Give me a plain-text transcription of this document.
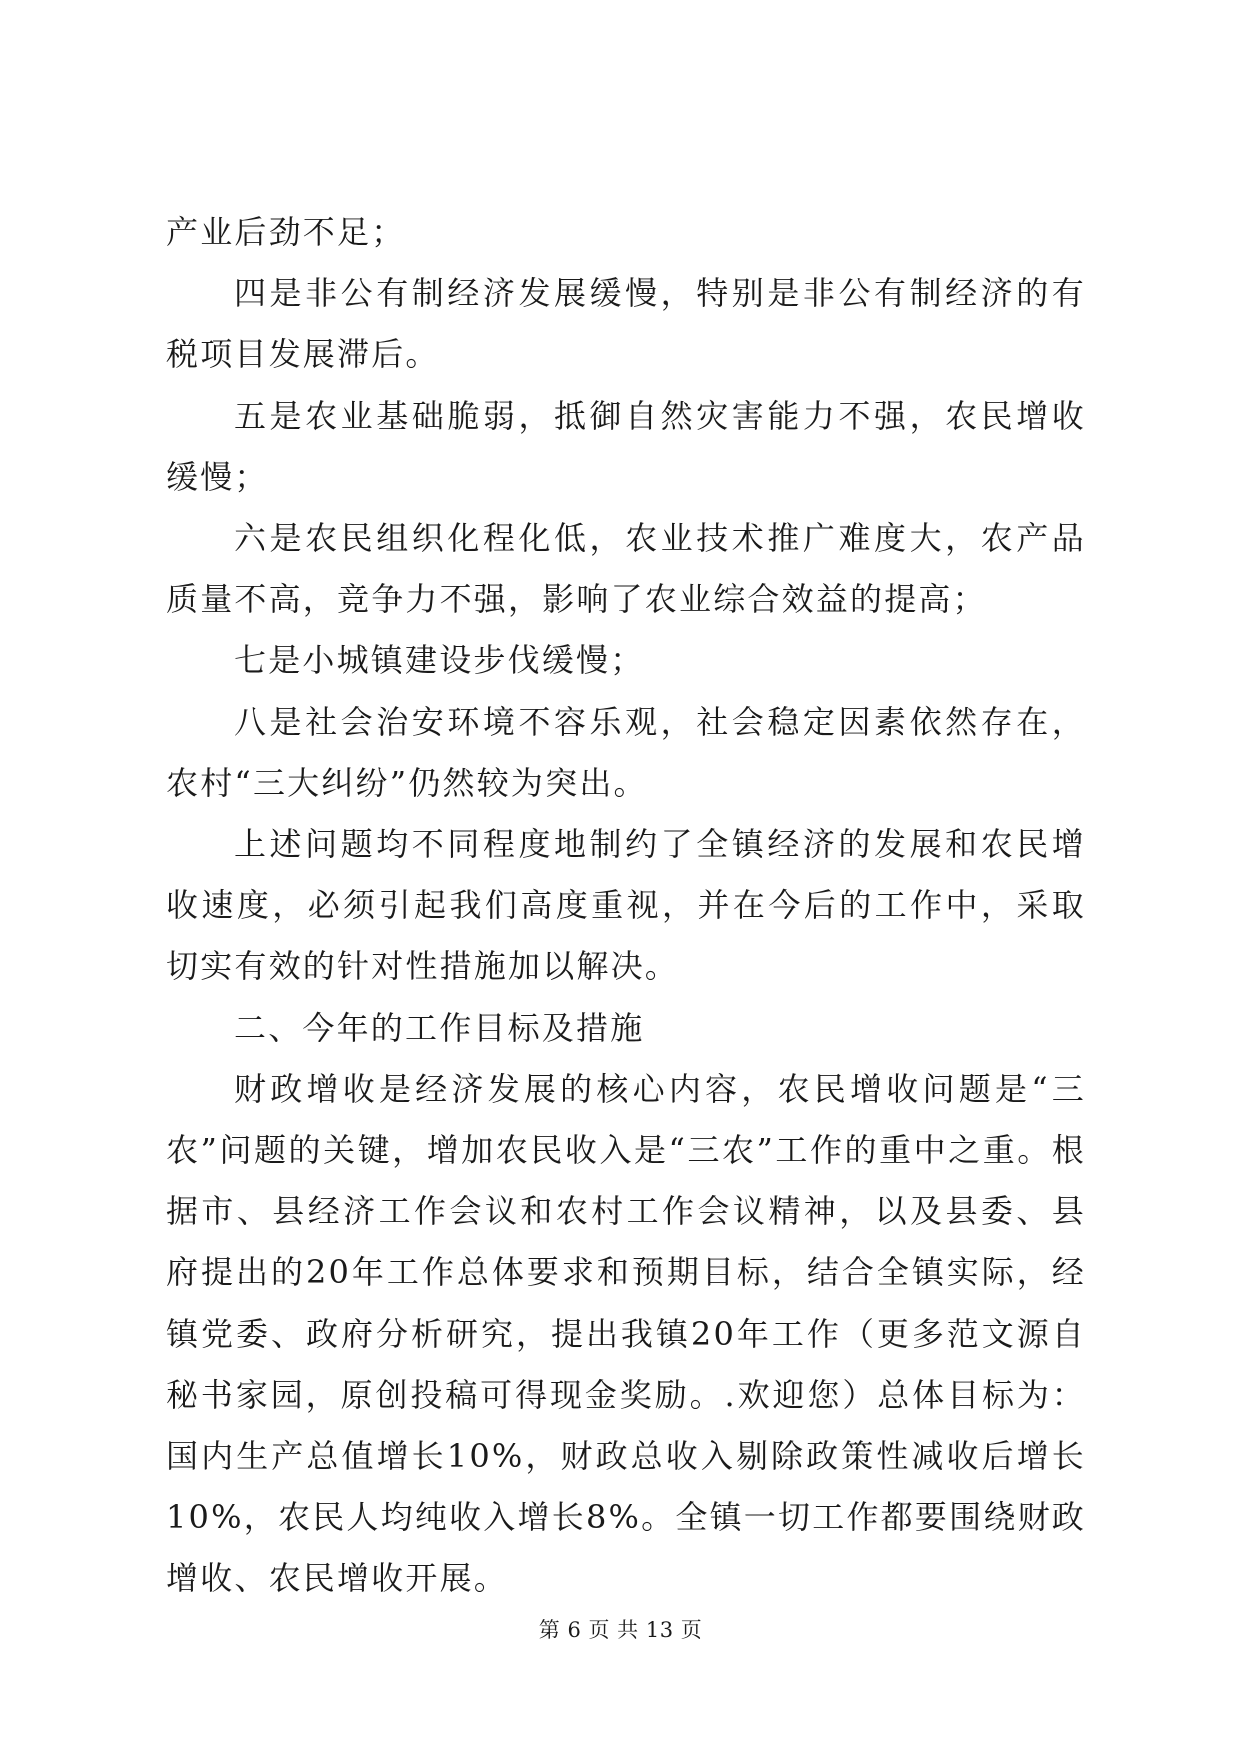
产业后劲不足；

四是非公有制经济发展缓慢，特别是非公有制经济的有税项目发展滞后。

五是农业基础脆弱，抵御自然灾害能力不强，农民增收缓慢；

六是农民组织化程化低，农业技术推广难度大，农产品质量不高，竞争力不强，影响了农业综合效益的提高；

七是小城镇建设步伐缓慢；

八是社会治安环境不容乐观，社会稳定因素依然存在，农村“三大纠纷”仍然较为突出。

上述问题均不同程度地制约了全镇经济的发展和农民增收速度，必须引起我们高度重视，并在今后的工作中，采取切实有效的针对性措施加以解决。

二、今年的工作目标及措施

财政增收是经济发展的核心内容，农民增收问题是“三农”问题的关键，增加农民收入是“三农”工作的重中之重。根据市、县经济工作会议和农村工作会议精神，以及县委、县府提出的20年工作总体要求和预期目标，结合全镇实际，经镇党委、政府分析研究，提出我镇20年工作（更多范文源自秘书家园，原创投稿可得现金奖励。.欢迎您）总体目标为：国内生产总值增长10%，财政总收入剔除政策性减收后增长10%，农民人均纯收入增长8%。全镇一切工作都要围绕财政增收、农民增收开展。

第 6 页 共 13 页
